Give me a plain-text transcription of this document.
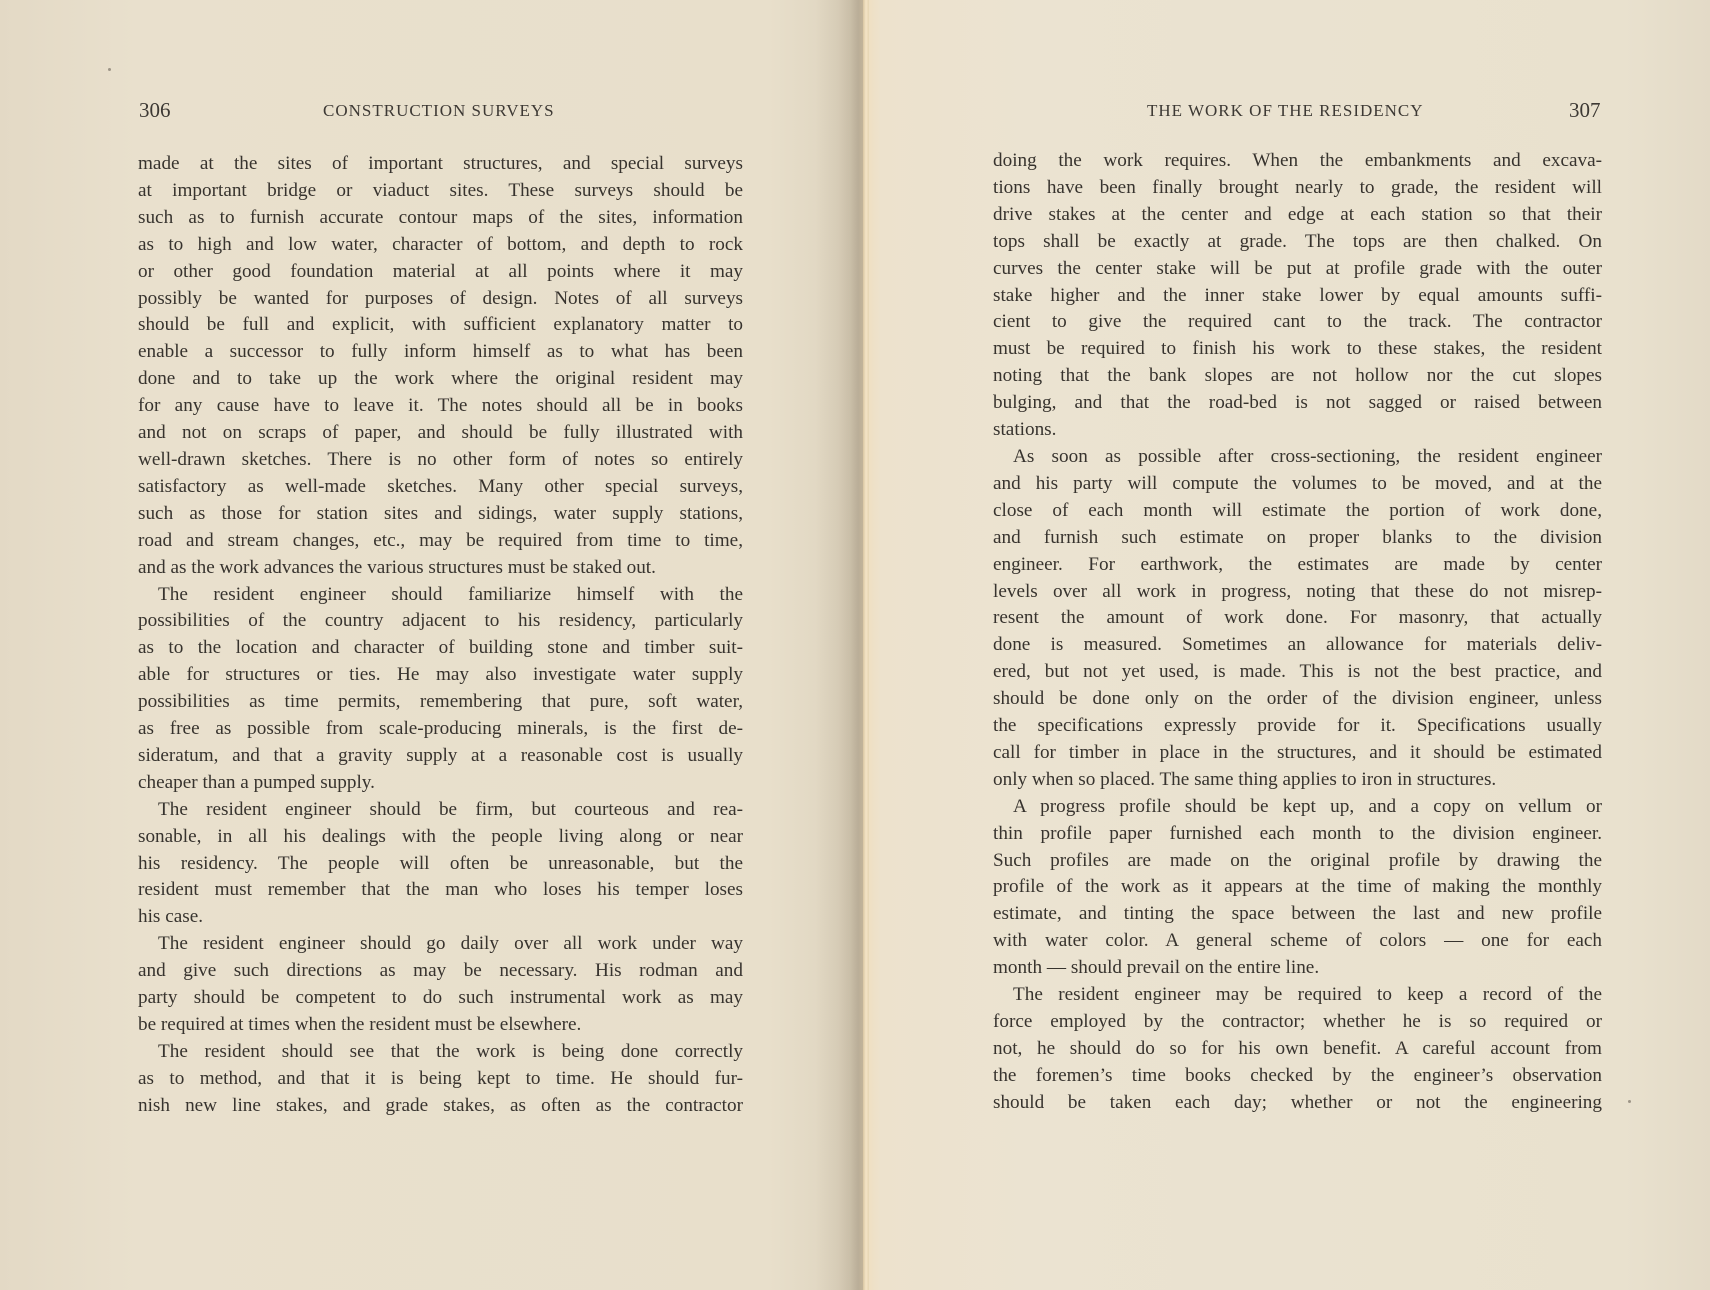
306	CONSTRUCTION SURVEYS

made at the sites of important structures, and special surveys
at important bridge or viaduct sites. These surveys should be
such as to furnish accurate contour maps of the sites, information
as to high and low water, character of bottom, and depth to rock
or other good foundation material at all points where it may
possibly be wanted for purposes of design. Notes of all surveys
should be full and explicit, with sufficient explanatory matter to
enable a successor to fully inform himself as to what has been
done and to take up the work where the original resident may
for any cause have to leave it. The notes should all be in books
and not on scraps of paper, and should be fully illustrated with
well-drawn sketches. There is no other form of notes so entirely
satisfactory as well-made sketches. Many other special surveys,
such as those for station sites and sidings, water supply stations,
road and stream changes, etc., may be required from time to time,
and as the work advances the various structures must be staked out.

The resident engineer should familiarize himself with the
possibilities of the country adjacent to his residency, particularly
as to the location and character of building stone and timber suit-
able for structures or ties. He may also investigate water supply
possibilities as time permits, remembering that pure, soft water,
as free as possible from scale-producing minerals, is the first de-
sideratum, and that a gravity supply at a reasonable cost is usually
cheaper than a pumped supply.

The resident engineer should be firm, but courteous and rea-
sonable, in all his dealings with the people living along or near
his residency. The people will often be unreasonable, but the
resident must remember that the man who loses his temper loses
his case.

The resident engineer should go daily over all work under way
and give such directions as may be necessary. His rodman and
party should be competent to do such instrumental work as may
be required at times when the resident must be elsewhere.

The resident should see that the work is being done correctly
as to method, and that it is being kept to time. He should fur-
nish new line stakes, and grade stakes, as often as the contractor

THE WORK OF THE RESIDENCY	307

doing the work requires. When the embankments and excava-
tions have been finally brought nearly to grade, the resident will
drive stakes at the center and edge at each station so that their
tops shall be exactly at grade. The tops are then chalked. On
curves the center stake will be put at profile grade with the outer
stake higher and the inner stake lower by equal amounts suffi-
cient to give the required cant to the track. The contractor
must be required to finish his work to these stakes, the resident
noting that the bank slopes are not hollow nor the cut slopes
bulging, and that the road-bed is not sagged or raised between
stations.

As soon as possible after cross-sectioning, the resident engineer
and his party will compute the volumes to be moved, and at the
close of each month will estimate the portion of work done,
and furnish such estimate on proper blanks to the division
engineer. For earthwork, the estimates are made by center
levels over all work in progress, noting that these do not misrep-
resent the amount of work done. For masonry, that actually
done is measured. Sometimes an allowance for materials deliv-
ered, but not yet used, is made. This is not the best practice, and
should be done only on the order of the division engineer, unless
the specifications expressly provide for it. Specifications usually
call for timber in place in the structures, and it should be estimated
only when so placed. The same thing applies to iron in structures.

A progress profile should be kept up, and a copy on vellum or
thin profile paper furnished each month to the division engineer.
Such profiles are made on the original profile by drawing the
profile of the work as it appears at the time of making the monthly
estimate, and tinting the space between the last and new profile
with water color. A general scheme of colors — one for each
month — should prevail on the entire line.

The resident engineer may be required to keep a record of the
force employed by the contractor; whether he is so required or
not, he should do so for his own benefit. A careful account from
the foremen’s time books checked by the engineer’s observation
should be taken each day; whether or not the engineering
